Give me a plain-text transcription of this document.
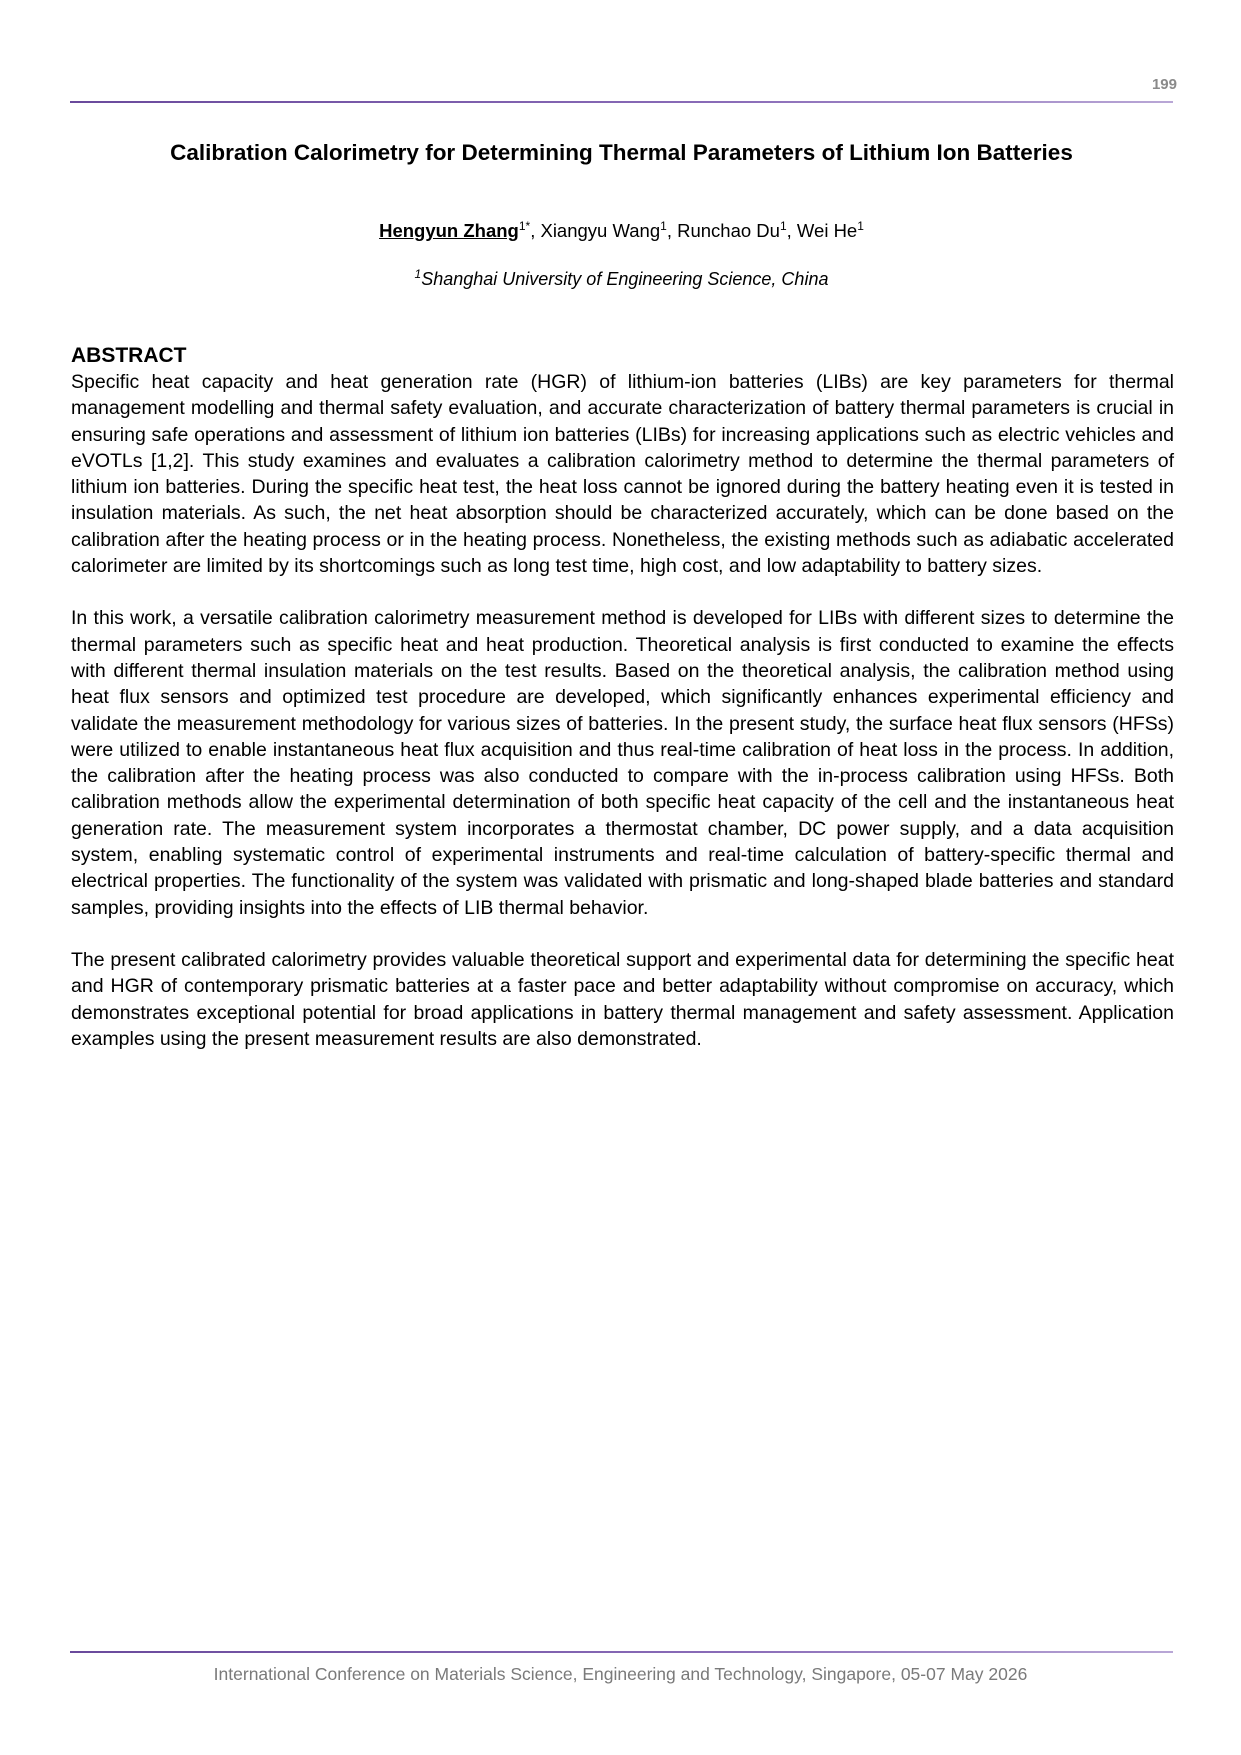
199
Calibration Calorimetry for Determining Thermal Parameters of Lithium Ion Batteries
Hengyun Zhang$^{1*}$, Xiangyu Wang$^1$, Runchao Du$^1$, Wei He$^1$
$^1$Shanghai University of Engineering Science, China
ABSTRACT

Specific heat capacity and heat generation rate (HGR) of lithium-ion batteries (LIBs) are key parameters for thermal management modelling and thermal safety evaluation, and accurate characterization of battery thermal parameters is crucial in ensuring safe operations and assessment of lithium ion batteries (LIBs) for increasing applications such as electric vehicles and eVOTLs [1,2]. This study examines and evaluates a calibration calorimetry method to determine the thermal parameters of lithium ion batteries. During the specific heat test, the heat loss cannot be ignored during the battery heating even it is tested in insulation materials. As such, the net heat absorption should be characterized accurately, which can be done based on the calibration after the heating process or in the heating process. Nonetheless, the existing methods such as adiabatic accelerated calorimeter are limited by its shortcomings such as long test time, high cost, and low adaptability to battery sizes.

In this work, a versatile calibration calorimetry measurement method is developed for LIBs with different sizes to determine the thermal parameters such as specific heat and heat production. Theoretical analysis is first conducted to examine the effects with different thermal insulation materials on the test results. Based on the theoretical analysis, the calibration method using heat flux sensors and optimized test procedure are developed, which significantly enhances experimental efficiency and validate the measurement methodology for various sizes of batteries. In the present study, the surface heat flux sensors (HFSs) were utilized to enable instantaneous heat flux acquisition and thus real-time calibration of heat loss in the process. In addition, the calibration after the heating process was also conducted to compare with the in-process calibration using HFSs. Both calibration methods allow the experimental determination of both specific heat capacity of the cell and the instantaneous heat generation rate. The measurement system incorporates a thermostat chamber, DC power supply, and a data acquisition system, enabling systematic control of experimental instruments and real-time calculation of battery-specific thermal and electrical properties. The functionality of the system was validated with prismatic and long-shaped blade batteries and standard samples, providing insights into the effects of LIB thermal behavior.

The present calibrated calorimetry provides valuable theoretical support and experimental data for determining the specific heat and HGR of contemporary prismatic batteries at a faster pace and better adaptability without compromise on accuracy, which demonstrates exceptional potential for broad applications in battery thermal management and safety assessment. Application examples using the present measurement results are also demonstrated.

International Conference on Materials Science, Engineering and Technology, Singapore, 05-07 May 2026
